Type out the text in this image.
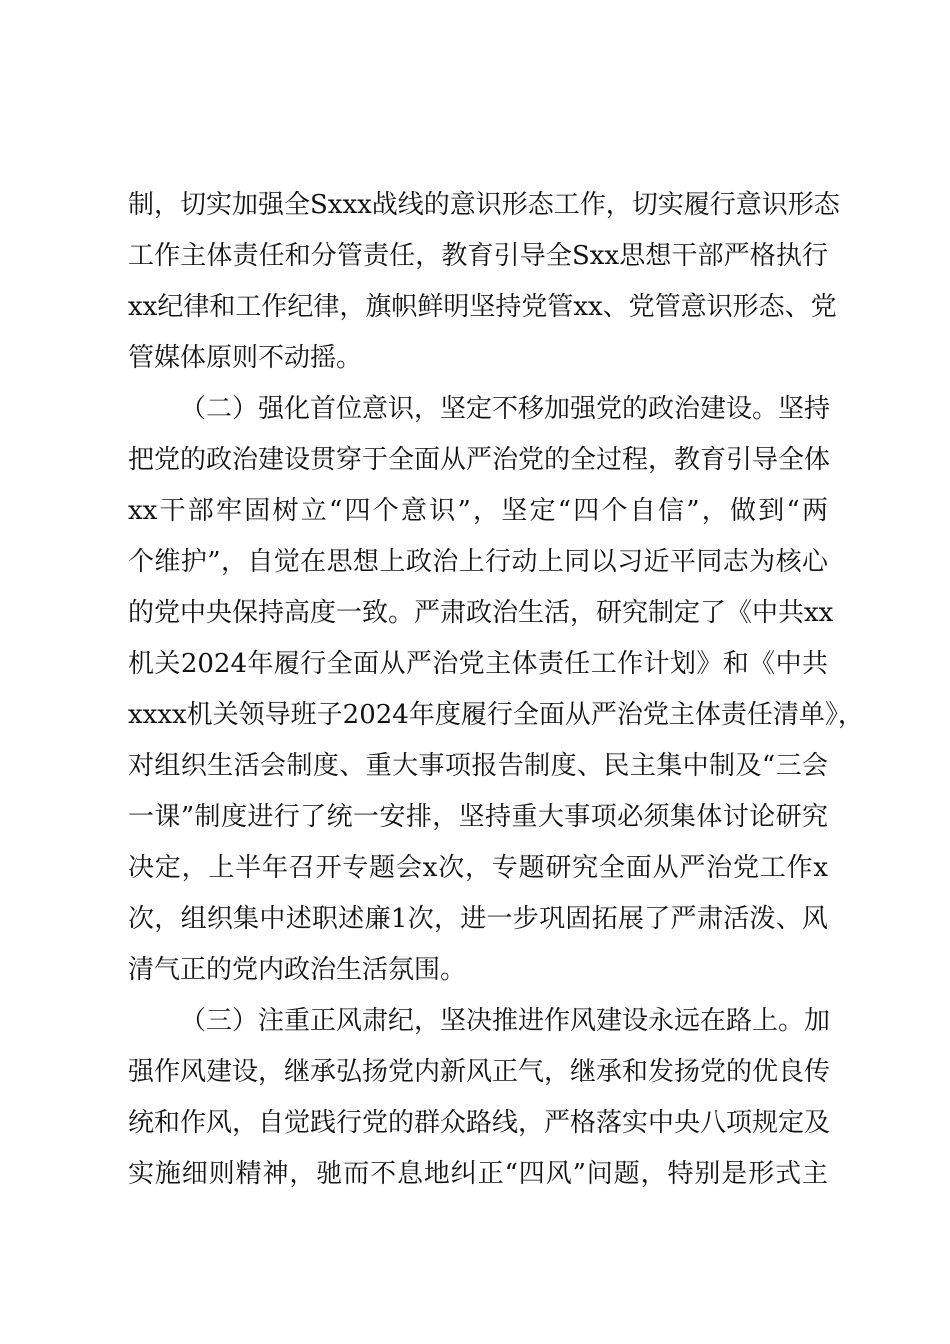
制，切实加强全Sxxx战线的意识形态工作，切实履行意识形态
工作主体责任和分管责任，教育引导全Sxx思想干部严格执行
xx纪律和工作纪律，旗帜鲜明坚持党管xx、党管意识形态、党
管媒体原则不动摇。
（二）强化首位意识，坚定不移加强党的政治建设。坚持
把党的政治建设贯穿于全面从严治党的全过程，教育引导全体
xx干部牢固树立“四个意识”，坚定“四个自信”，做到“两
个维护”，自觉在思想上政治上行动上同以习近平同志为核心
的党中央保持高度一致。严肃政治生活，研究制定了《中共xx
机关2024年履行全面从严治党主体责任工作计划》和《中共
xxxx机关领导班子2024年度履行全面从严治党主体责任清单》，
对组织生活会制度、重大事项报告制度、民主集中制及“三会
一课”制度进行了统一安排，坚持重大事项必须集体讨论研究
决定，上半年召开专题会x次，专题研究全面从严治党工作x
次，组织集中述职述廉1次，进一步巩固拓展了严肃活泼、风
清气正的党内政治生活氛围。
（三）注重正风肃纪，坚决推进作风建设永远在路上。加
强作风建设，继承弘扬党内新风正气，继承和发扬党的优良传
统和作风，自觉践行党的群众路线，严格落实中央八项规定及
实施细则精神，驰而不息地纠正“四风”问题，特别是形式主
